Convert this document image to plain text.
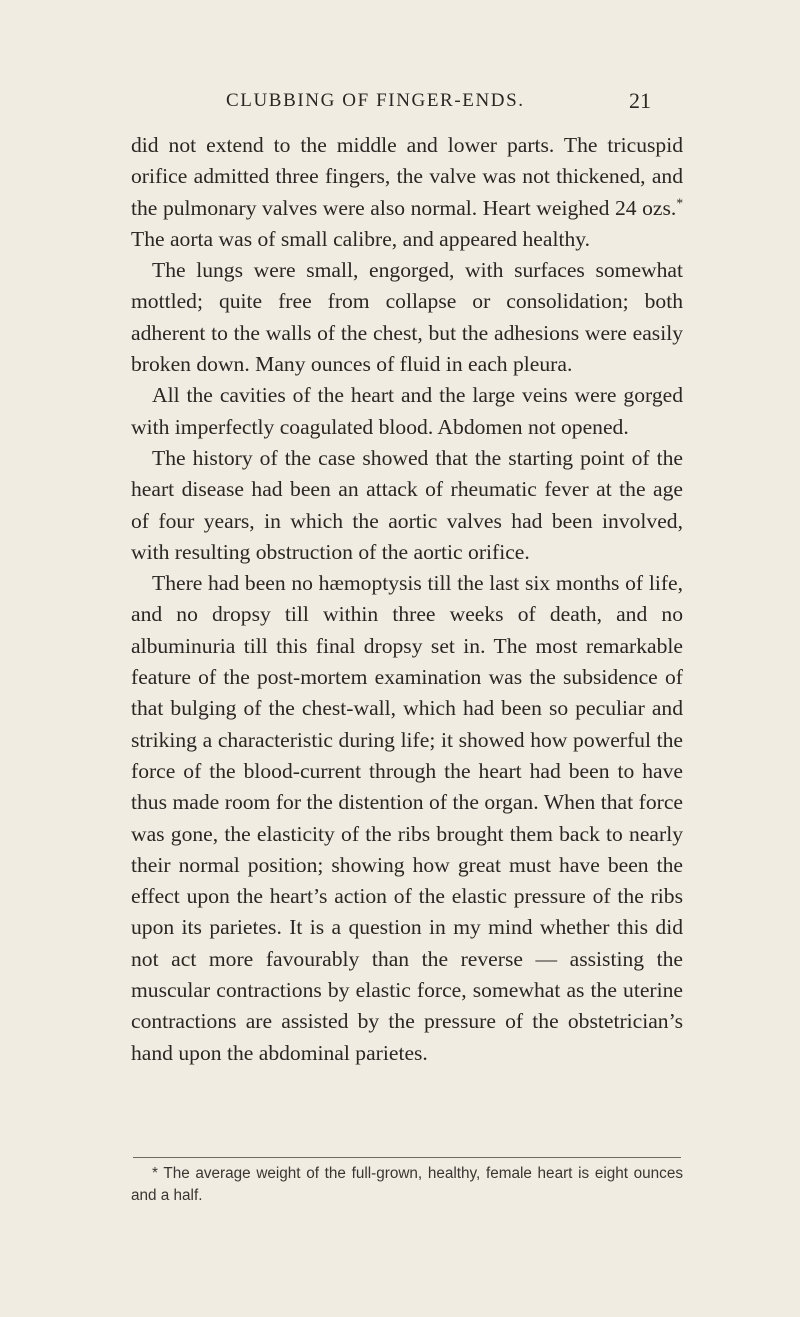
CLUBBING OF FINGER-ENDS.	21

did not extend to the middle and lower parts. The tricuspid orifice admitted three fingers, the valve was not thickened, and the pulmonary valves were also normal. Heart weighed 24 ozs.* The aorta was of small calibre, and appeared healthy.

The lungs were small, engorged, with surfaces somewhat mottled; quite free from collapse or consolidation; both adherent to the walls of the chest, but the adhesions were easily broken down. Many ounces of fluid in each pleura.

All the cavities of the heart and the large veins were gorged with imperfectly coagulated blood. Abdomen not opened.

The history of the case showed that the starting point of the heart disease had been an attack of rheumatic fever at the age of four years, in which the aortic valves had been involved, with resulting obstruction of the aortic orifice.

There had been no hæmoptysis till the last six months of life, and no dropsy till within three weeks of death, and no albuminuria till this final dropsy set in. The most remarkable feature of the post-mortem examination was the subsidence of that bulging of the chest-wall, which had been so peculiar and striking a characteristic during life; it showed how powerful the force of the blood-current through the heart had been to have thus made room for the distention of the organ. When that force was gone, the elasticity of the ribs brought them back to nearly their normal position; showing how great must have been the effect upon the heart’s action of the elastic pressure of the ribs upon its parietes. It is a question in my mind whether this did not act more favourably than the reverse — assisting the muscular contractions by elastic force, somewhat as the uterine contractions are assisted by the pressure of the obstetrician’s hand upon the abdominal parietes.

* The average weight of the full-grown, healthy, female heart is eight ounces and a half.
